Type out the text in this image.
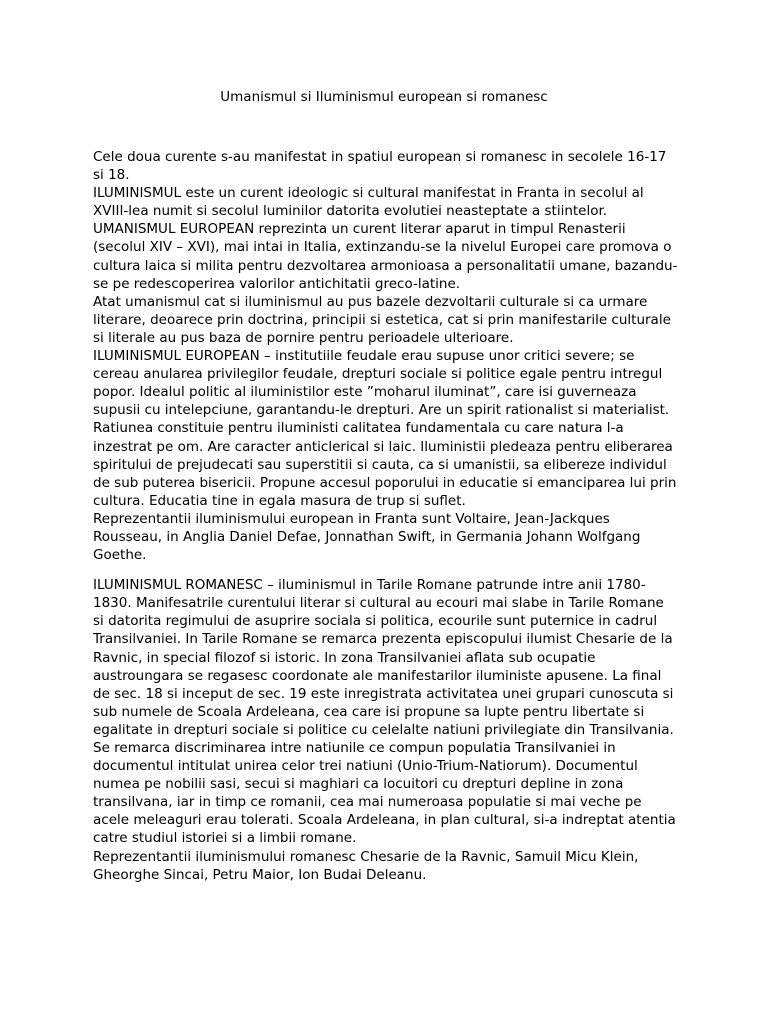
Umanismul si Iluminismul european si romanesc

Cele doua curente s-au manifestat in spatiul european si romanesc in secolele 16-17 si 18.

ILUMINISMUL este un curent ideologic si cultural manifestat in Franta in secolul al XVIII-lea numit si secolul luminilor datorita evolutiei neasteptate a stiintelor.

UMANISMUL EUROPEAN reprezinta un curent literar aparut in timpul Renasterii (secolul XIV – XVI), mai intai in Italia, extinzandu-se la nivelul Europei care promova o cultura laica si milita pentru dezvoltarea armonioasa a personalitatii umane, bazandu-se pe redescoperirea valorilor antichitatii greco-latine.

Atat umanismul cat si iluminismul au pus bazele dezvoltarii culturale si ca urmare literare, deoarece prin doctrina, principii si estetica, cat si prin manifestarile culturale si literale au pus baza de pornire pentru perioadele ulterioare.

ILUMINISMUL EUROPEAN – institutiile feudale erau supuse unor critici severe; se cereau anularea privilegilor feudale, drepturi sociale si politice egale pentru intregul popor. Idealul politic al iluministilor este ”moharul iluminat”, care isi guverneaza supusii cu intelepciune, garantandu-le drepturi. Are un spirit rationalist si materialist. Ratiunea constituie pentru iluministi calitatea fundamentala cu care natura l-a inzestrat pe om. Are caracter anticlerical si laic. Iluministii pledeaza pentru eliberarea spiritului de prejudecati sau superstitii si cauta, ca si umanistii, sa elibereze individul de sub puterea bisericii. Propune accesul poporului in educatie si emanciparea lui prin cultura. Educatia tine in egala masura de trup si suflet.

Reprezentantii iluminismului european in Franta sunt Voltaire, Jean-Jackques Rousseau, in Anglia Daniel Defae, Jonnathan Swift, in Germania Johann Wolfgang Goethe.

ILUMINISMUL ROMANESC – iluminismul in Tarile Romane patrunde intre anii 1780-1830. Manifesatrile curentului literar si cultural au ecouri mai slabe in Tarile Romane si datorita regimului de asuprire sociala si politica, ecourile sunt puternice in cadrul Transilvaniei. In Tarile Romane se remarca prezenta episcopului ilumist Chesarie de la Ravnic, in special filozof si istoric. In zona Transilvaniei aflata sub ocupatie austroungara se regasesc coordonate ale manifestarilor iluministe apusene. La final de sec. 18 si inceput de sec. 19 este inregistrata activitatea unei grupari cunoscuta si sub numele de Scoala Ardeleana, cea care isi propune sa lupte pentru libertate si egalitate in drepturi sociale si politice cu celelalte natiuni privilegiate din Transilvania. Se remarca discriminarea intre natiunile ce compun populatia Transilvaniei in documentul intitulat unirea celor trei natiuni (Unio-Trium-Natiorum). Documentul numea pe nobilii sasi, secui si maghiari ca locuitori cu drepturi depline in zona transilvana, iar in timp ce romanii, cea mai numeroasa populatie si mai veche pe acele meleaguri erau tolerati. Scoala Ardeleana, in plan cultural, si-a indreptat atentia catre studiul istoriei si a limbii romane.

Reprezentantii iluminismului romanesc Chesarie de la Ravnic, Samuil Micu Klein, Gheorghe Sincai, Petru Maior, Ion Budai Deleanu.
